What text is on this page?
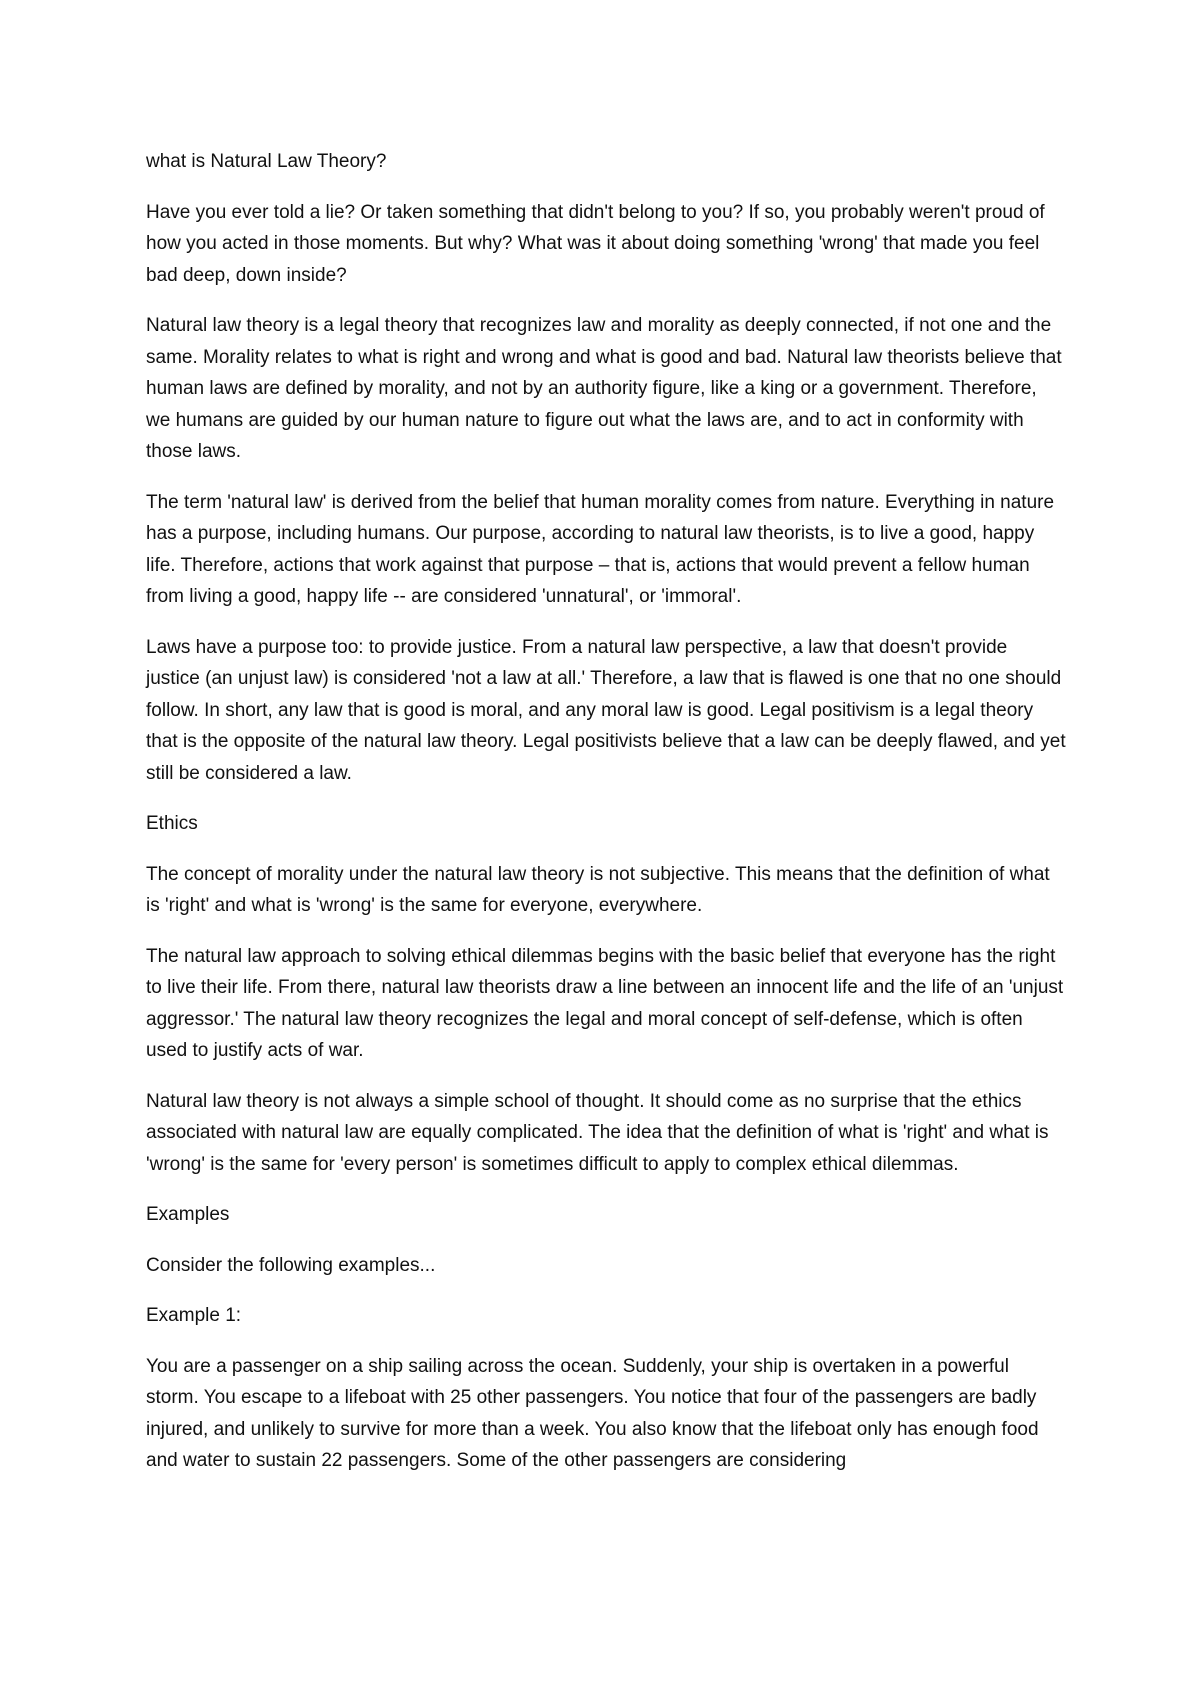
what is Natural Law Theory?

Have you ever told a lie? Or taken something that didn't belong to you? If so, you probably weren't proud of how you acted in those moments. But why? What was it about doing something 'wrong' that made you feel bad deep, down inside?

Natural law theory is a legal theory that recognizes law and morality as deeply connected, if not one and the same. Morality relates to what is right and wrong and what is good and bad. Natural law theorists believe that human laws are defined by morality, and not by an authority figure, like a king or a government. Therefore, we humans are guided by our human nature to figure out what the laws are, and to act in conformity with those laws.

The term 'natural law' is derived from the belief that human morality comes from nature. Everything in nature has a purpose, including humans. Our purpose, according to natural law theorists, is to live a good, happy life. Therefore, actions that work against that purpose – that is, actions that would prevent a fellow human from living a good, happy life -- are considered 'unnatural', or 'immoral'.

Laws have a purpose too: to provide justice. From a natural law perspective, a law that doesn't provide justice (an unjust law) is considered 'not a law at all.' Therefore, a law that is flawed is one that no one should follow. In short, any law that is good is moral, and any moral law is good. Legal positivism is a legal theory that is the opposite of the natural law theory. Legal positivists believe that a law can be deeply flawed, and yet still be considered a law.

Ethics

The concept of morality under the natural law theory is not subjective. This means that the definition of what is 'right' and what is 'wrong' is the same for everyone, everywhere.

The natural law approach to solving ethical dilemmas begins with the basic belief that everyone has the right to live their life. From there, natural law theorists draw a line between an innocent life and the life of an 'unjust aggressor.' The natural law theory recognizes the legal and moral concept of self-defense, which is often used to justify acts of war.

Natural law theory is not always a simple school of thought. It should come as no surprise that the ethics associated with natural law are equally complicated. The idea that the definition of what is 'right' and what is 'wrong' is the same for 'every person' is sometimes difficult to apply to complex ethical dilemmas.

Examples

Consider the following examples...

Example 1:

You are a passenger on a ship sailing across the ocean. Suddenly, your ship is overtaken in a powerful storm. You escape to a lifeboat with 25 other passengers. You notice that four of the passengers are badly injured, and unlikely to survive for more than a week. You also know that the lifeboat only has enough food and water to sustain 22 passengers. Some of the other passengers are considering
